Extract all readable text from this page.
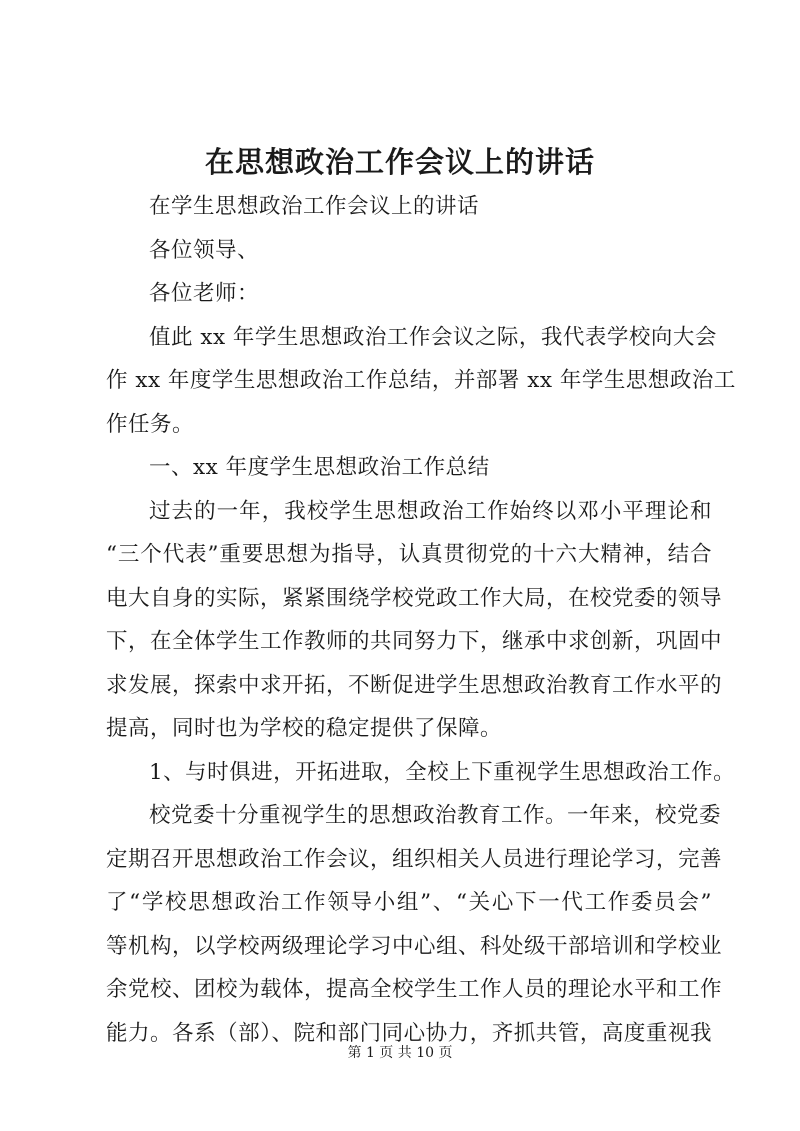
在思想政治工作会议上的讲话
在学生思想政治工作会议上的讲话
各位领导、
各位老师：
值此 xx 年学生思想政治工作会议之际，我代表学校向大会
作 xx 年度学生思想政治工作总结，并部署 xx 年学生思想政治工
作任务。
一、xx 年度学生思想政治工作总结
过去的一年，我校学生思想政治工作始终以邓小平理论和
“三个代表”重要思想为指导，认真贯彻党的十六大精神，结合
电大自身的实际，紧紧围绕学校党政工作大局，在校党委的领导
下，在全体学生工作教师的共同努力下，继承中求创新，巩固中
求发展，探索中求开拓，不断促进学生思想政治教育工作水平的
提高，同时也为学校的稳定提供了保障。
1、与时俱进，开拓进取，全校上下重视学生思想政治工作。
校党委十分重视学生的思想政治教育工作。一年来，校党委
定期召开思想政治工作会议，组织相关人员进行理论学习，完善
了“学校思想政治工作领导小组”、“关心下一代工作委员会”
等机构，以学校两级理论学习中心组、科处级干部培训和学校业
余党校、团校为载体，提高全校学生工作人员的理论水平和工作
能力。各系（部）、院和部门同心协力，齐抓共管，高度重视我
第 1 页 共 10 页
